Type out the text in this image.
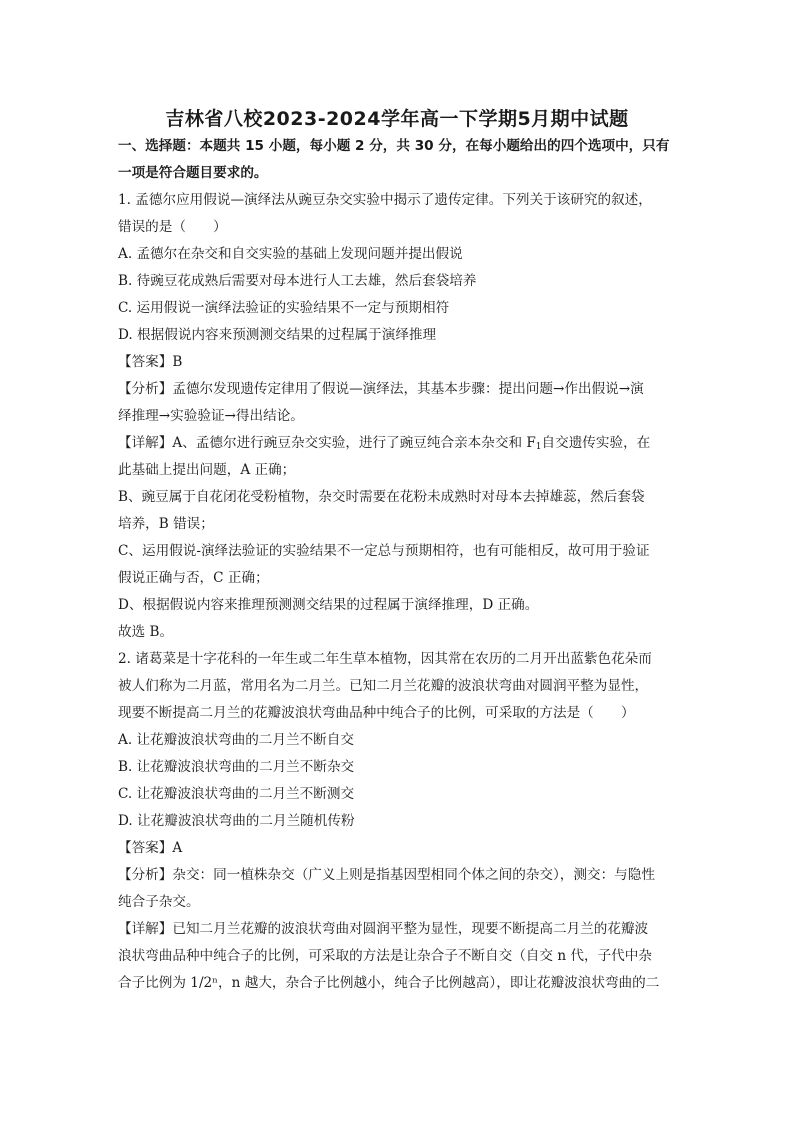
吉林省八校2023-2024学年高一下学期5月期中试题
一、选择题：本题共 15 小题，每小题 2 分，共 30 分，在每小题给出的四个选项中，只有
一项是符合题目要求的。
1. 孟德尔应用假说—演绎法从豌豆杂交实验中揭示了遗传定律。下列关于该研究的叙述，
错误的是（　　）
A. 孟德尔在杂交和自交实验的基础上发现问题并提出假说
B. 待豌豆花成熟后需要对母本进行人工去雄，然后套袋培养
C. 运用假说一演绎法验证的实验结果不一定与预期相符
D. 根据假说内容来预测测交结果的过程属于演绎推理
【答案】B
【分析】孟德尔发现遗传定律用了假说—演绎法，其基本步骤：提出问题→作出假说→演
绎推理→实验验证→得出结论。
【详解】A、孟德尔进行豌豆杂交实验，进行了豌豆纯合亲本杂交和 $F_1$自交遗传实验，在
此基础上提出问题，A 正确；
B、豌豆属于自花闭花受粉植物，杂交时需要在花粉未成熟时对母本去掉雄蕊，然后套袋
培养，B 错误；
C、运用假说-演绎法验证的实验结果不一定总与预期相符，也有可能相反，故可用于验证
假说正确与否，C 正确；
D、根据假说内容来推理预测测交结果的过程属于演绎推理，D 正确。
故选 B。
2. 诸葛菜是十字花科的一年生或二年生草本植物，因其常在农历的二月开出蓝紫色花朵而
被人们称为二月蓝，常用名为二月兰。已知二月兰花瓣的波浪状弯曲对圆润平整为显性，
现要不断提高二月兰的花瓣波浪状弯曲品种中纯合子的比例，可采取的方法是（　　）
A. 让花瓣波浪状弯曲的二月兰不断自交
B. 让花瓣波浪状弯曲的二月兰不断杂交
C. 让花瓣波浪状弯曲的二月兰不断测交
D. 让花瓣波浪状弯曲的二月兰随机传粉
【答案】A
【分析】杂交：同一植株杂交（广义上则是指基因型相同个体之间的杂交），测交：与隐性
纯合子杂交。
【详解】已知二月兰花瓣的波浪状弯曲对圆润平整为显性，现要不断提高二月兰的花瓣波
浪状弯曲品种中纯合子的比例，可采取的方法是让杂合子不断自交（自交 n 代，子代中杂
合子比例为 1/2ⁿ，n 越大，杂合子比例越小，纯合子比例越高），即让花瓣波浪状弯曲的二
